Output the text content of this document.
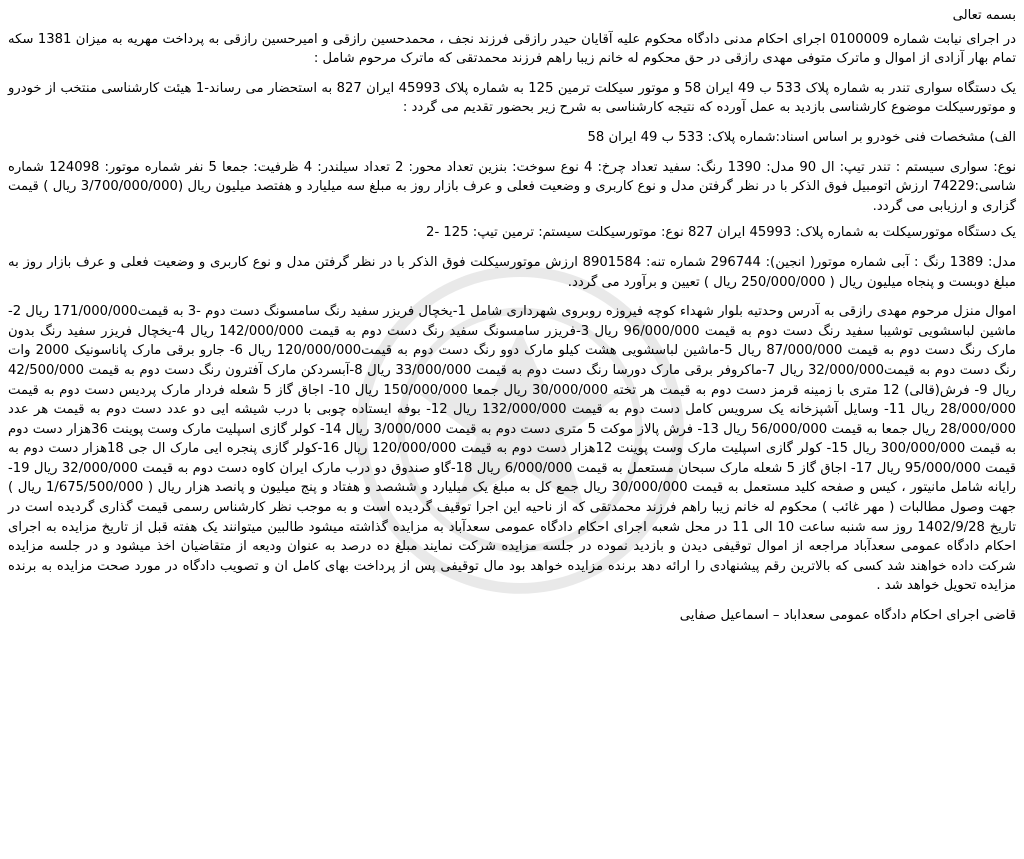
بسمه تعالی

در اجرای نیابت شماره 0100009 اجرای احکام مدنی دادگاه محکوم علیه آقایان حیدر رازقی فرزند نجف ، محمدحسین رازقی و امیرحسین رازقی به پرداخت مهریه به میزان 1381 سکه تمام بهار آزادی از اموال و ماترک متوفی مهدی رازقی در حق محکوم له خانم زیبا راهم فرزند محمدتقی که ماترک مرحوم شامل :

یک دستگاه سواری تندر به شماره پلاک 533 ب 49 ایران 58 و موتور سیکلت ترمین 125 به شماره پلاک 45993 ایران 827 به استحضار می رساند-1 هیئت کارشناسی منتخب از خودرو و موتورسیکلت موضوع کارشناسی بازدید به عمل آورده که نتیجه کارشناسی به شرح زیر بحضور تقدیم می گردد :

الف) مشخصات فنی خودرو بر اساس اسناد:شماره پلاک: 533 ب 49 ایران 58

نوع: سواری سیستم : تندر تیپ: ال 90 مدل: 1390 رنگ: سفید تعداد چرخ: 4 نوع سوخت: بنزین تعداد محور: 2 تعداد سیلندر: 4 ظرفیت: جمعا 5 نفر شماره موتور: 124098 شماره شاسی:74229 ارزش اتومبیل فوق الذکر با در نظر گرفتن مدل و نوع کاربری و وضعیت فعلی و عرف بازار روز به مبلغ سه میلیارد و هفتصد میلیون ریال (3/700/000/000 ریال ) قیمت گزاری و ارزیابی می گردد.

یک دستگاه موتورسیکلت به شماره پلاک: 45993 ایران 827 نوع: موتورسیکلت سیستم: ترمین تیپ: 125 -2

مدل: 1389 رنگ : آبی شماره موتور( انجین): 296744 شماره تنه: 8901584 ارزش موتورسیکلت فوق الذکر با در نظر گرفتن مدل و نوع کاربری و وضعیت فعلی و عرف بازار روز به مبلغ دوبست و پنجاه میلیون ریال ( 250/000/000 ریال ) تعیین و برآورد می گردد.

اموال منزل مرحوم مهدی رازقی به آدرس وحدتیه بلوار شهداء کوچه فیروزه روبروی شهرداری شامل 1-یخچال فریزر سفید رنگ سامسونگ دست دوم -3 به قیمت171/000/000 ریال 2- ماشین لباسشویی توشیبا سفید رنگ دست دوم به قیمت 96/000/000 ریال 3-فریزر سامسونگ سفید رنگ دست دوم به قیمت 142/000/000 ریال 4-یخچال فریزر سفید رنگ بدون مارک رنگ دست دوم به قیمت 87/000/000 ریال 5-ماشین لباسشویی هشت کیلو مارک دوو رنگ دست دوم به قیمت120/000/000 ریال 6- جارو برقی مارک پاناسونیک 2000 وات رنگ دست دوم به قیمت32/000/000 ریال 7-ماکروفر برقی مارک دورسا رنگ دست دوم به قیمت 33/000/000 ریال 8-آبسردکن مارک آفترون رنگ دست دوم به قیمت 42/500/000 ریال 9- فرش(قالی) 12 متری با زمینه قرمز دست دوم به قیمت هر تخته 30/000/000 ریال جمعا 150/000/000 ریال 10- اجاق گاز 5 شعله فردار مارک پردیس دست دوم به قیمت 28/000/000 ریال 11- وسایل آشپزخانه یک سرویس کامل دست دوم به قیمت 132/000/000 ریال 12- بوفه ایستاده چوبی با درب شیشه ایی دو عدد دست دوم به قیمت هر عدد 28/000/000 ریال جمعا به قیمت 56/000/000 ریال 13- فرش پالاز موکت 5 متری دست دوم به قیمت 3/000/000 ریال 14- کولر گازی اسپلیت مارک وست پوینت 36هزار دست دوم به قیمت 300/000/000 ریال 15- کولر گازی اسپلیت مارک وست پوینت 12هزار دست دوم به قیمت 120/000/000 ریال 16-کولر گازی پنجره ایی مارک ال جی 18هزار دست دوم به قیمت 95/000/000 ریال 17- اجاق گاز 5 شعله مارک سبحان مستعمل به قیمت 6/000/000 ریال 18-گاو صندوق دو درب مارک ایران کاوه دست دوم به قیمت 32/000/000 ریال 19-رایانه شامل مانیتور ، کیس و صفحه کلید مستعمل به قیمت 30/000/000 ریال جمع کل به مبلغ یک میلیارد و ششصد و هفتاد و پنج میلیون و پانصد هزار ریال ( 1/675/500/000 ریال ) جهت وصول مطالبات ( مهر غائب ) محکوم له خانم زیبا راهم فرزند محمدتقی که از ناحیه این اجرا توقیف گردیده است و به موجب نظر کارشناس رسمی قیمت گذاری گردیده است در تاریخ 1402/9/28 روز سه شنبه ساعت 10 الی 11 در محل شعبه اجرای احکام دادگاه عمومی سعدآباد به مزایده گذاشته میشود طالبین میتوانند یک هفته قبل از تاریخ مزایده به اجرای احکام دادگاه عمومی سعدآباد مراجعه از اموال توقیفی دیدن و بازدید نموده در جلسه مزایده شرکت نمایند مبلغ ده درصد به عنوان ودیعه از متقاضیان اخذ میشود و در جلسه مزایده شرکت داده خواهند شد کسی که بالاترین رقم پیشنهادی را ارائه دهد برنده مزایده خواهد بود مال توقیفی پس از پرداخت بهای کامل ان و تصویب دادگاه در مورد صحت مزایده به برنده مزایده تحویل خواهد شد .

قاضی اجرای احکام دادگاه عمومی سعداباد – اسماعیل صفایی
